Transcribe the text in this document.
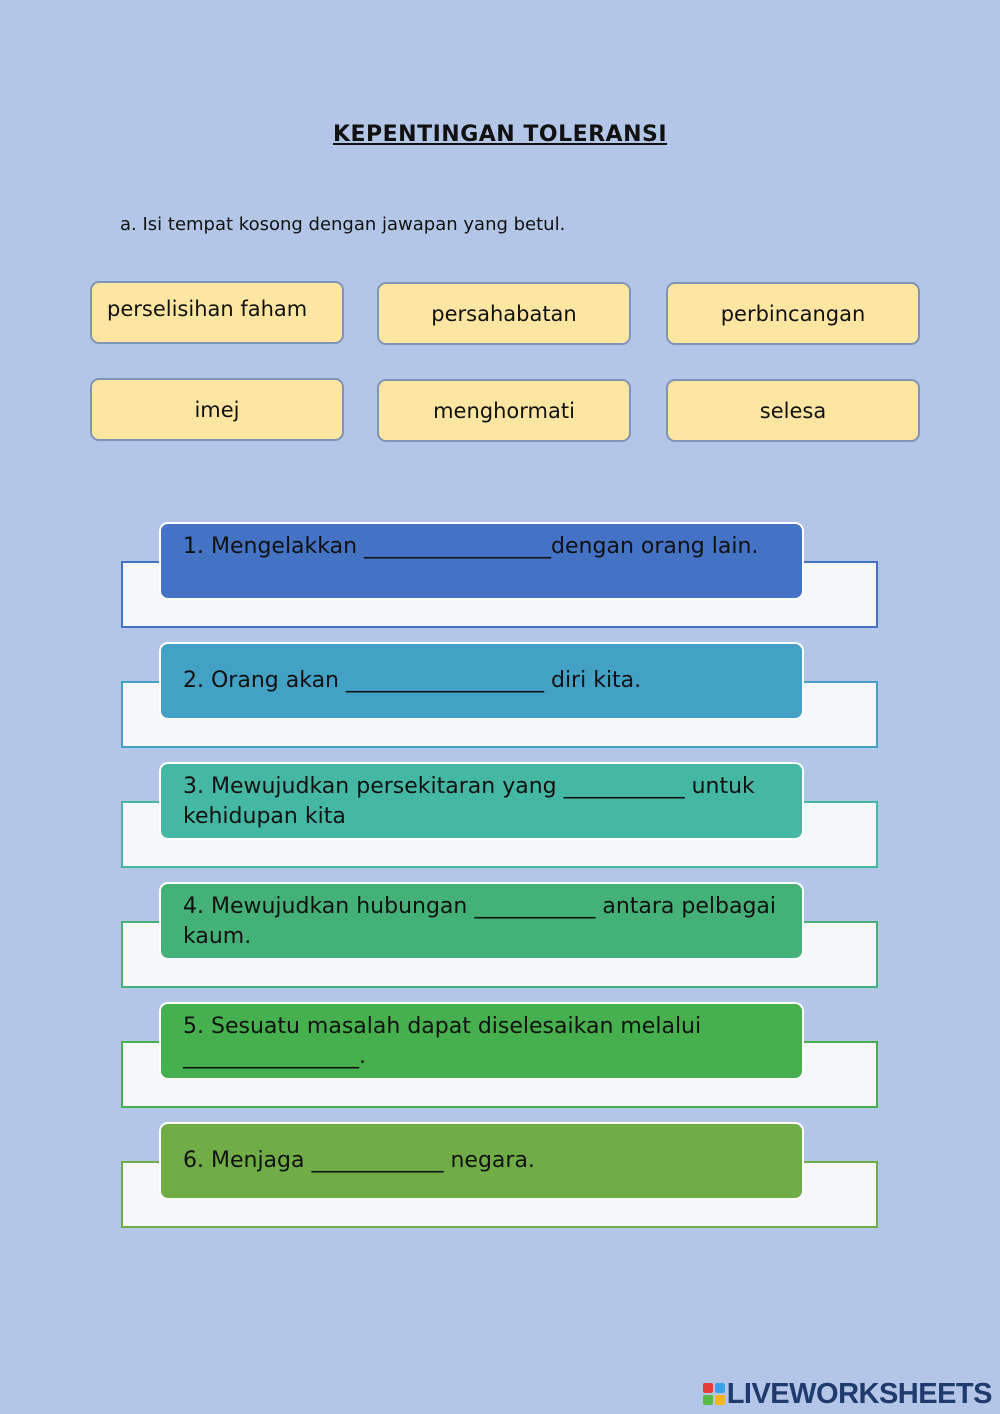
KEPENTINGAN TOLERANSI
a. Isi tempat kosong dengan jawapan yang betul.
perselisihan faham	persahabatan	perbincangan
imej	menghormati	selesa
1. Mengelakkan _________________dengan orang lain.
2. Orang akan __________________ diri kita.
3. Mewujudkan persekitaran yang ___________ untuk kehidupan kita
4. Mewujudkan hubungan ___________ antara pelbagai kaum.
5. Sesuatu masalah dapat diselesaikan melalui ________________.
6. Menjaga ____________ negara.
LIVEWORKSHEETS
